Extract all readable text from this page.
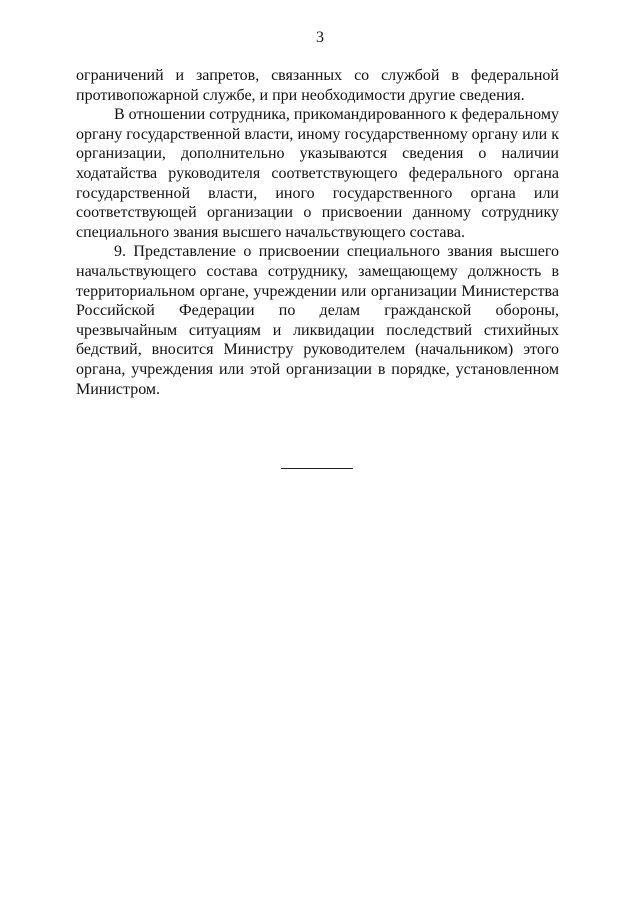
3

ограничений и запретов, связанных со службой в федеральной противопожарной службе, и при необходимости другие сведения.

В отношении сотрудника, прикомандированного к федеральному органу государственной власти, иному государственному органу или к организации, дополнительно указываются сведения о наличии ходатайства руководителя соответствующего федерального органа государственной власти, иного государственного органа или соответствующей организации о присвоении данному сотруднику специального звания высшего начальствующего состава.

9. Представление о присвоении специального звания высшего начальствующего состава сотруднику, замещающему должность в территориальном органе, учреждении или организации Министерства Российской Федерации по делам гражданской обороны, чрезвычайным ситуациям и ликвидации последствий стихийных бедствий, вносится Министру руководителем (начальником) этого органа, учреждения или этой организации в порядке, установленном Министром.
